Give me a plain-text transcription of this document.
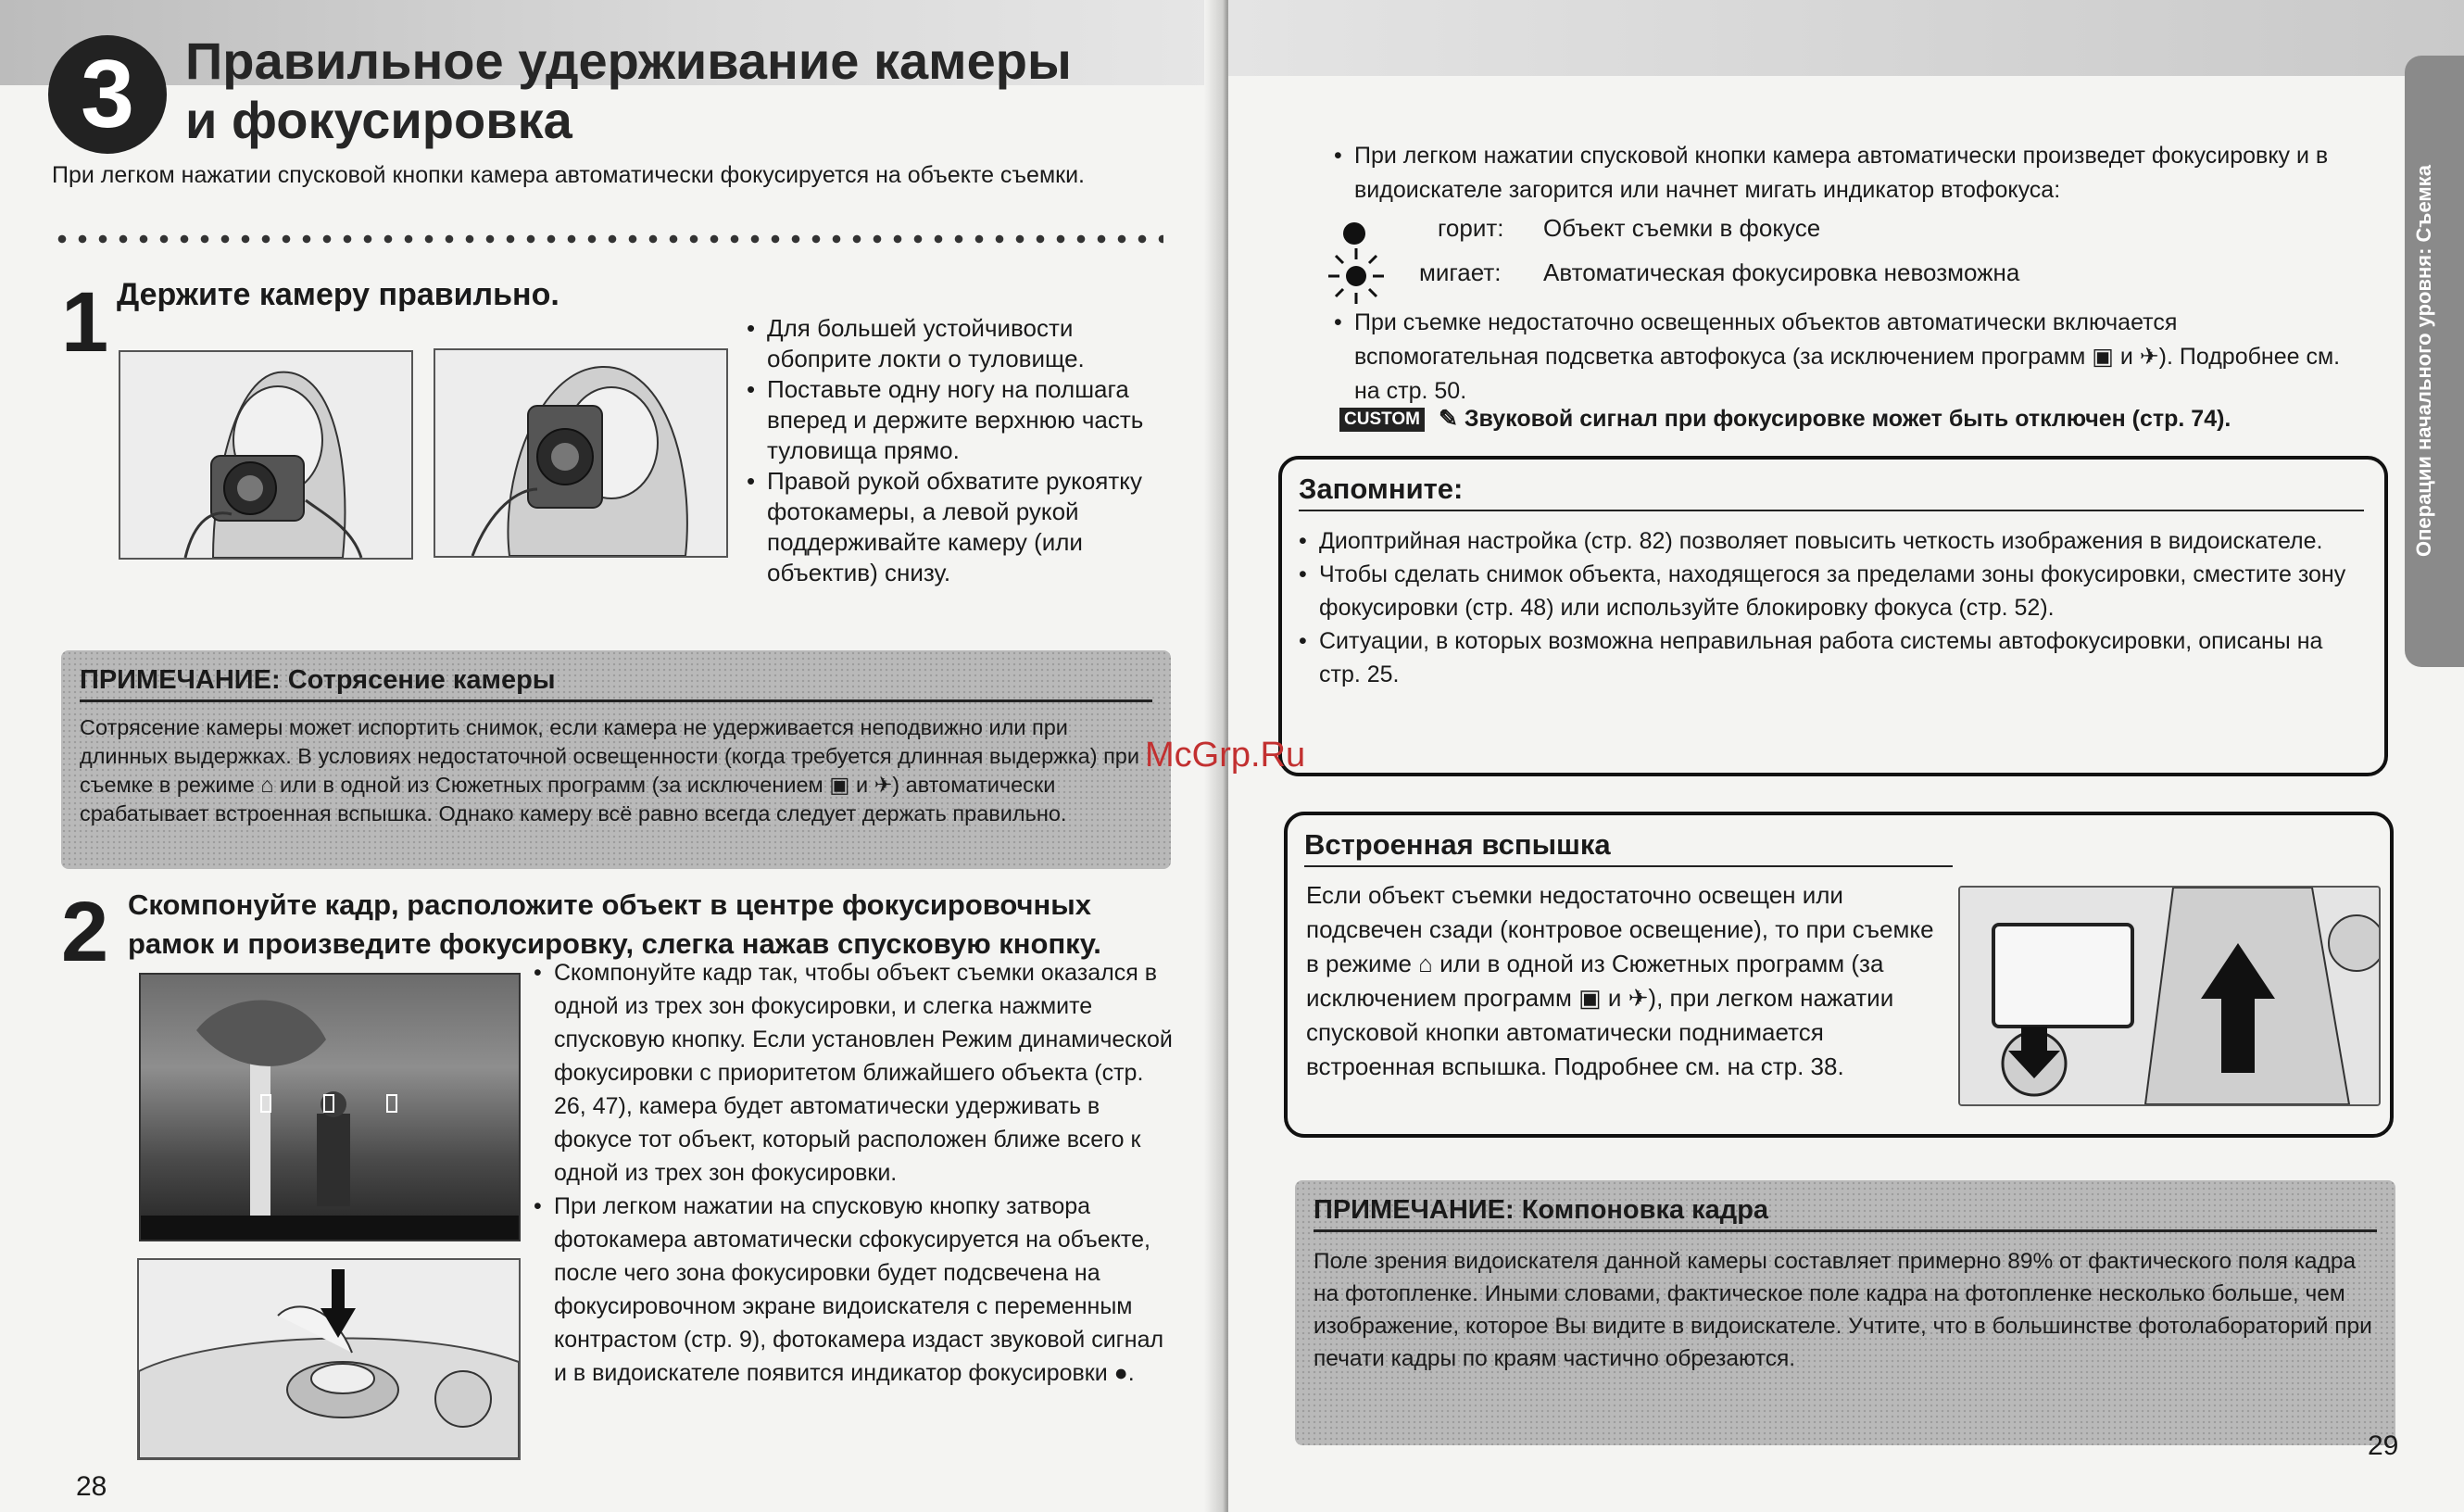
McGrp.Ru
3 Правильное удерживание камеры
и фокусировка
При легком нажатии спусковой кнопки камера автоматически фокусируется на объекте съемки.
1 Держите камеру правильно.
• Для большей устойчивости обоприте локти о туловище.
• Поставьте одну ногу на полшага вперед и держите верхнюю часть туловища прямо.
• Правой рукой обхватите рукоятку фотокамеры, а левой рукой поддерживайте камеру (или объектив) снизу.
ПРИМЕЧАНИЕ: Сотрясение камеры
Сотрясение камеры может испортить снимок, если камера не удерживается неподвижно или при длинных выдержках. В условиях недостаточной освещенности (когда требуется длинная выдержка) при съемке в режиме ⌂ или в одной из Сюжетных программ (за исключением ▣ и ✈) автоматически срабатывает встроенная вспышка. Однако камеру всё равно всегда следует держать правильно.
2 Скомпонуйте кадр, расположите объект в центре фокусировочных рамок и произведите фокусировку, слегка нажав спусковую кнопку.
• Скомпонуйте кадр так, чтобы объект съемки оказался в одной из трех зон фокусировки, и слегка нажмите спусковую кнопку. Если установлен Режим динамической фокусировки с приоритетом ближайшего объекта (стр. 26, 47), камера будет автоматически удерживать в фокусе тот объект, который расположен ближе всего к одной из трех зон фокусировки.
• При легком нажатии на спусковую кнопку затвора фотокамера автоматически сфокусируется на объекте, после чего зона фокусировки будет подсвечена на фокусировочном экране видоискателя с переменным контрастом (стр. 9), фотокамера издаст звуковой сигнал и в видоискателе появится индикатор фокусировки ●.
28
Операции начального уровня: Съемка
• При легком нажатии спусковой кнопки камера автоматически произведет фокусировку и в видоискателе загорится или начнет мигать индикатор втофокуса:
горит: Объект съемки в фокусе
мигает: Автоматическая фокусировка невозможна
• При съемке недостаточно освещенных объектов автоматически включается вспомогательная подсветка автофокуса (за исключением программ ▣ и ✈). Подробнее см. на стр. 50.
CUSTOM ✎ Звуковой сигнал при фокусировке может быть отключен (стр. 74).
Запомните:
• Диоптрийная настройка (стр. 82) позволяет повысить четкость изображения в видоискателе.
• Чтобы сделать снимок объекта, находящегося за пределами зоны фокусировки, сместите зону фокусировки (стр. 48) или используйте блокировку фокуса (стр. 52).
• Ситуации, в которых возможна неправильная работа системы автофокусировки, описаны на стр. 25.
Встроенная вспышка
Если объект съемки недостаточно освещен или подсвечен сзади (контровое освещение), то при съемке в режиме ⌂ или в одной из Сюжетных программ (за исключением программ ▣ и ✈), при легком нажатии спусковой кнопки автоматически поднимается встроенная вспышка. Подробнее см. на стр. 38.
ПРИМЕЧАНИЕ: Компоновка кадра
Поле зрения видоискателя данной камеры составляет примерно 89% от фактического поля кадра на фотопленке. Иными словами, фактическое поле кадра на фотопленке несколько больше, чем изображение, которое Вы видите в видоискателе. Учтите, что в большинстве фотолабораторий при печати кадры по краям частично обрезаются.
29
